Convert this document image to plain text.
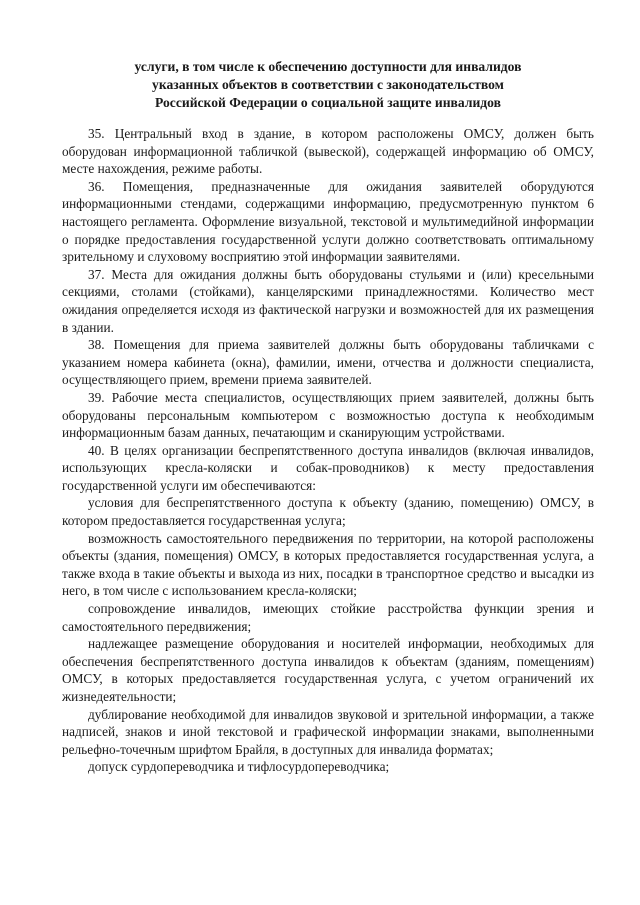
услуги, в том числе к обеспечению доступности для инвалидов
указанных объектов в соответствии с законодательством
Российской Федерации о социальной защите инвалидов

35. Центральный вход в здание, в котором расположены ОМСУ, должен быть оборудован информационной табличкой (вывеской), содержащей информацию об ОМСУ, месте нахождения, режиме работы.

36. Помещения, предназначенные для ожидания заявителей оборудуются информационными стендами, содержащими информацию, предусмотренную пунктом 6 настоящего регламента. Оформление визуальной, текстовой и мультимедийной информации о порядке предоставления государственной услуги должно соответствовать оптимальному зрительному и слуховому восприятию этой информации заявителями.

37. Места для ожидания должны быть оборудованы стульями и (или) кресельными секциями, столами (стойками), канцелярскими принадлежностями. Количество мест ожидания определяется исходя из фактической нагрузки и возможностей для их размещения в здании.

38. Помещения для приема заявителей должны быть оборудованы табличками с указанием номера кабинета (окна), фамилии, имени, отчества и должности специалиста, осуществляющего прием, времени приема заявителей.

39. Рабочие места специалистов, осуществляющих прием заявителей, должны быть оборудованы персональным компьютером с возможностью доступа к необходимым информационным базам данных, печатающим и сканирующим устройствами.

40. В целях организации беспрепятственного доступа инвалидов (включая инвалидов, использующих кресла-коляски и собак-проводников) к месту предоставления государственной услуги им обеспечиваются:

условия для беспрепятственного доступа к объекту (зданию, помещению) ОМСУ, в котором предоставляется государственная услуга;

возможность самостоятельного передвижения по территории, на которой расположены объекты (здания, помещения) ОМСУ, в которых предоставляется государственная услуга, а также входа в такие объекты и выхода из них, посадки в транспортное средство и высадки из него, в том числе с использованием кресла-коляски;

сопровождение инвалидов, имеющих стойкие расстройства функции зрения и самостоятельного передвижения;

надлежащее размещение оборудования и носителей информации, необходимых для обеспечения беспрепятственного доступа инвалидов к объектам (зданиям, помещениям) ОМСУ, в которых предоставляется государственная услуга, с учетом ограничений их жизнедеятельности;

дублирование необходимой для инвалидов звуковой и зрительной информации, а также надписей, знаков и иной текстовой и графической информации знаками, выполненными рельефно-точечным шрифтом Брайля, в доступных для инвалида форматах;

допуск сурдопереводчика и тифлосурдопереводчика;
